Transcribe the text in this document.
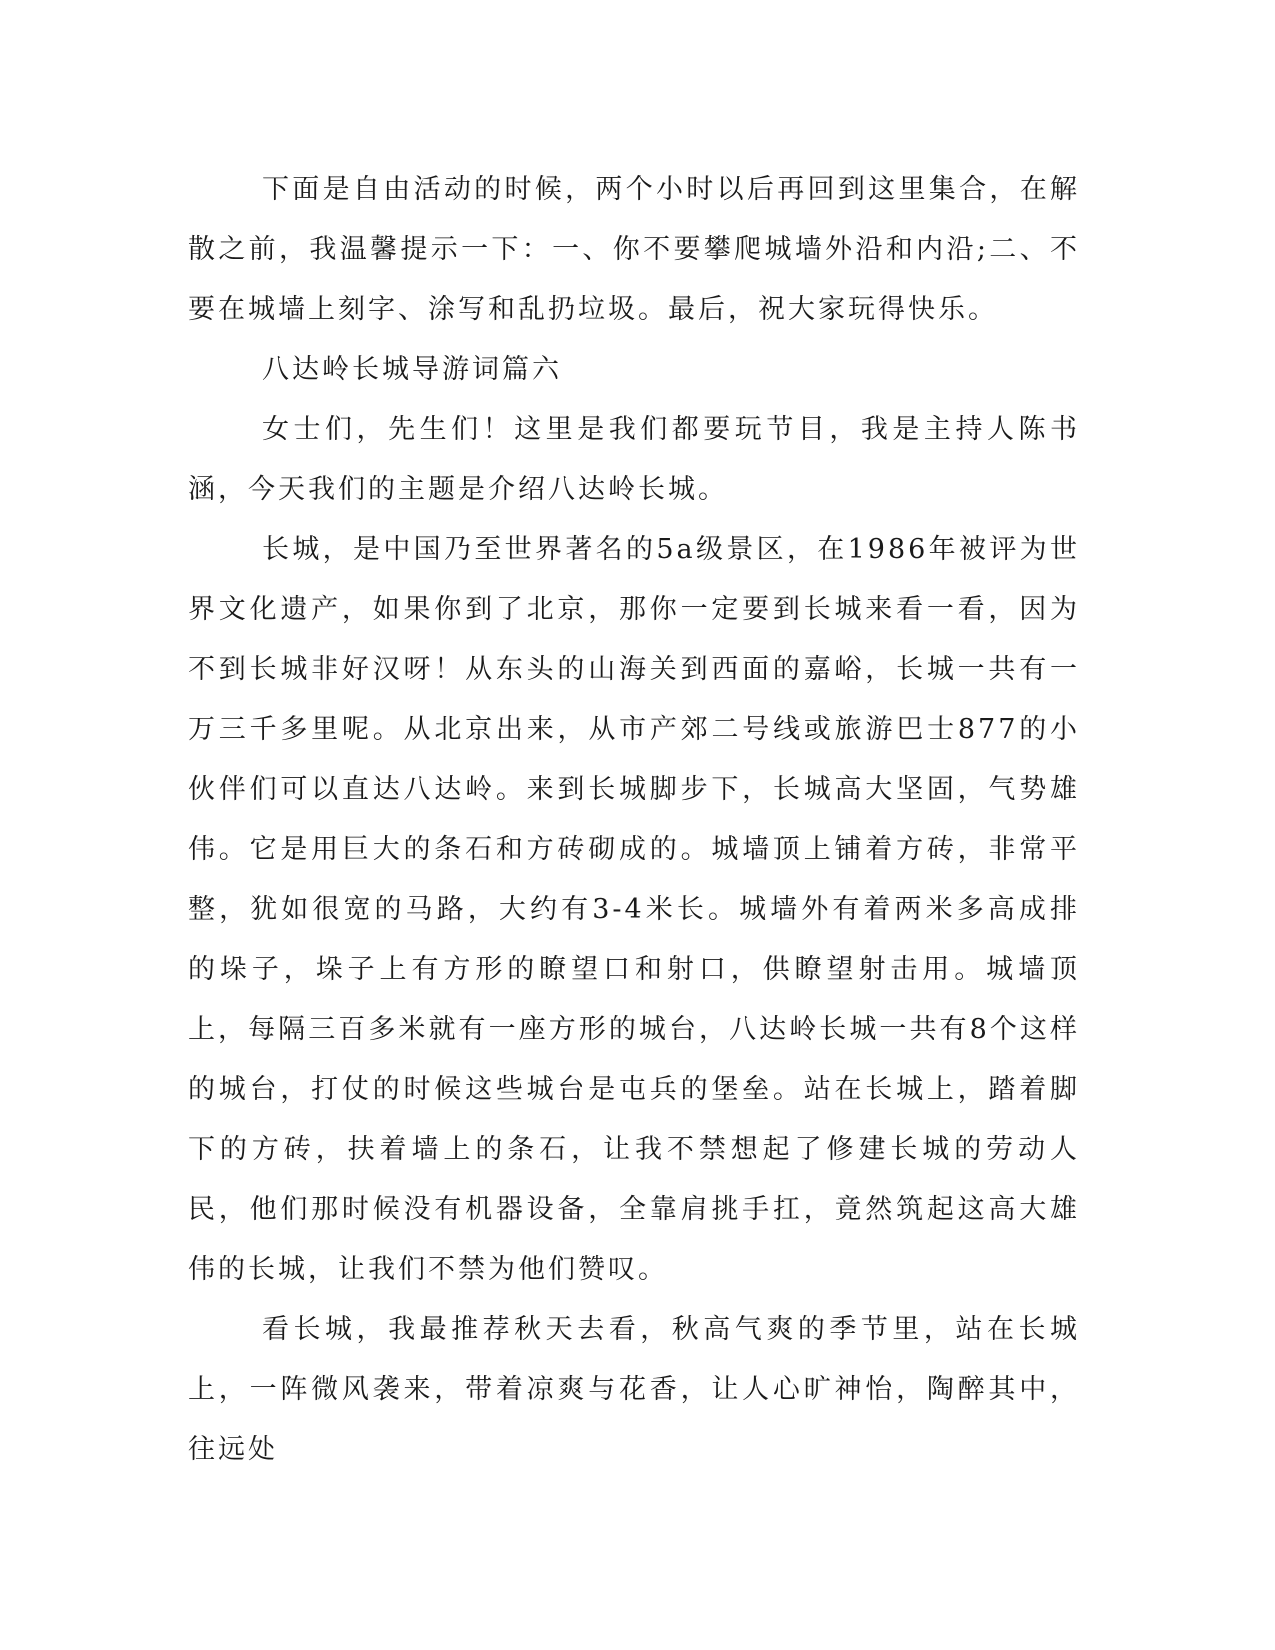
下面是自由活动的时候，两个小时以后再回到这里集合，在解散之前，我温馨提示一下：一、你不要攀爬城墙外沿和内沿;二、不要在城墙上刻字、涂写和乱扔垃圾。最后，祝大家玩得快乐。

八达岭长城导游词篇六

女士们，先生们！这里是我们都要玩节目，我是主持人陈书涵，今天我们的主题是介绍八达岭长城。

长城，是中国乃至世界著名的5a级景区，在1986年被评为世界文化遗产，如果你到了北京，那你一定要到长城来看一看，因为不到长城非好汉呀！从东头的山海关到西面的嘉峪，长城一共有一万三千多里呢。从北京出来，从市产郊二号线或旅游巴士877的小伙伴们可以直达八达岭。来到长城脚步下，长城高大坚固，气势雄伟。它是用巨大的条石和方砖砌成的。城墙顶上铺着方砖，非常平整，犹如很宽的马路，大约有3-4米长。城墙外有着两米多高成排的垛子，垛子上有方形的瞭望口和射口，供瞭望射击用。城墙顶上，每隔三百多米就有一座方形的城台，八达岭长城一共有8个这样的城台，打仗的时候这些城台是屯兵的堡垒。站在长城上，踏着脚下的方砖，扶着墙上的条石，让我不禁想起了修建长城的劳动人民，他们那时候没有机器设备，全靠肩挑手扛，竟然筑起这高大雄伟的长城，让我们不禁为他们赞叹。

看长城，我最推荐秋天去看，秋高气爽的季节里，站在长城上，一阵微风袭来，带着凉爽与花香，让人心旷神怡，陶醉其中，往远处
